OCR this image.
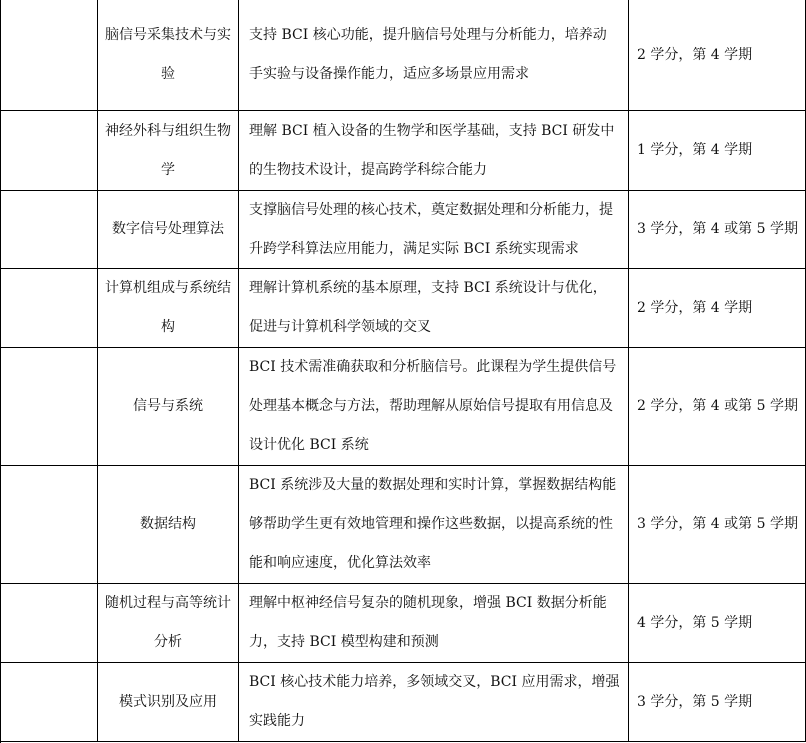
脑信号采集技术与实验
支持 BCI 核心功能，提升脑信号处理与分析能力，培养动手实验与设备操作能力，适应多场景应用需求
2 学分，第 4 学期
神经外科与组织生物学
理解 BCI 植入设备的生物学和医学基础，支持 BCI 研发中的生物技术设计，提高跨学科综合能力
1 学分，第 4 学期
数字信号处理算法
支撑脑信号处理的核心技术，奠定数据处理和分析能力，提升跨学科算法应用能力，满足实际 BCI 系统实现需求
3 学分，第 4 或第 5 学期
计算机组成与系统结构
理解计算机系统的基本原理，支持 BCI 系统设计与优化，促进与计算机科学领域的交叉
2 学分，第 4 学期
信号与系统
BCI 技术需准确获取和分析脑信号。此课程为学生提供信号处理基本概念与方法，帮助理解从原始信号提取有用信息及设计优化 BCI 系统
2 学分，第 4 或第 5 学期
数据结构
BCI 系统涉及大量的数据处理和实时计算，掌握数据结构能够帮助学生更有效地管理和操作这些数据，以提高系统的性能和响应速度，优化算法效率
3 学分，第 4 或第 5 学期
随机过程与高等统计分析
理解中枢神经信号复杂的随机现象，增强 BCI 数据分析能力，支持 BCI 模型构建和预测
4 学分，第 5 学期
模式识别及应用
BCI 核心技术能力培养，多领域交叉，BCI 应用需求，增强实践能力
3 学分，第 5 学期
